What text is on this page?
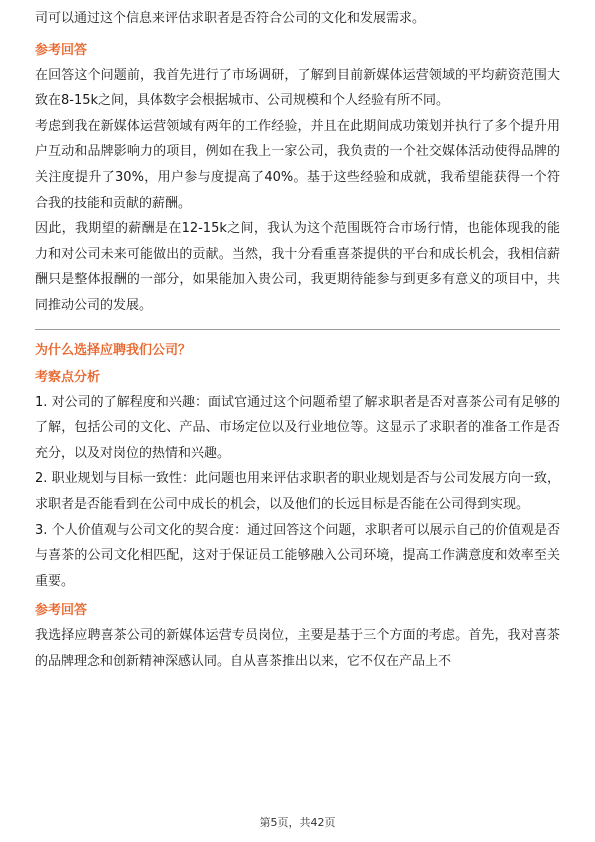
司可以通过这个信息来评估求职者是否符合公司的文化和发展需求。

参考回答

在回答这个问题前，我首先进行了市场调研，了解到目前新媒体运营领域的平均薪资范围大致在8-15k之间，具体数字会根据城市、公司规模和个人经验有所不同。

考虑到我在新媒体运营领域有两年的工作经验，并且在此期间成功策划并执行了多个提升用户互动和品牌影响力的项目，例如在我上一家公司，我负责的一个社交媒体活动使得品牌的关注度提升了30%，用户参与度提高了40%。基于这些经验和成就，我希望能获得一个符合我的技能和贡献的薪酬。

因此，我期望的薪酬是在12-15k之间，我认为这个范围既符合市场行情，也能体现我的能力和对公司未来可能做出的贡献。当然，我十分看重喜茶提供的平台和成长机会，我相信薪酬只是整体报酬的一部分，如果能加入贵公司，我更期待能参与到更多有意义的项目中，共同推动公司的发展。

为什么选择应聘我们公司？

考察点分析

1. 对公司的了解程度和兴趣：面试官通过这个问题希望了解求职者是否对喜茶公司有足够的了解，包括公司的文化、产品、市场定位以及行业地位等。这显示了求职者的准备工作是否充分，以及对岗位的热情和兴趣。

2. 职业规划与目标一致性：此问题也用来评估求职者的职业规划是否与公司发展方向一致，求职者是否能看到在公司中成长的机会，以及他们的长远目标是否能在公司得到实现。

3. 个人价值观与公司文化的契合度：通过回答这个问题，求职者可以展示自己的价值观是否与喜茶的公司文化相匹配，这对于保证员工能够融入公司环境，提高工作满意度和效率至关重要。

参考回答

我选择应聘喜茶公司的新媒体运营专员岗位，主要是基于三个方面的考虑。首先，我对喜茶的品牌理念和创新精神深感认同。自从喜茶推出以来，它不仅在产品上不

第5页，共42页
